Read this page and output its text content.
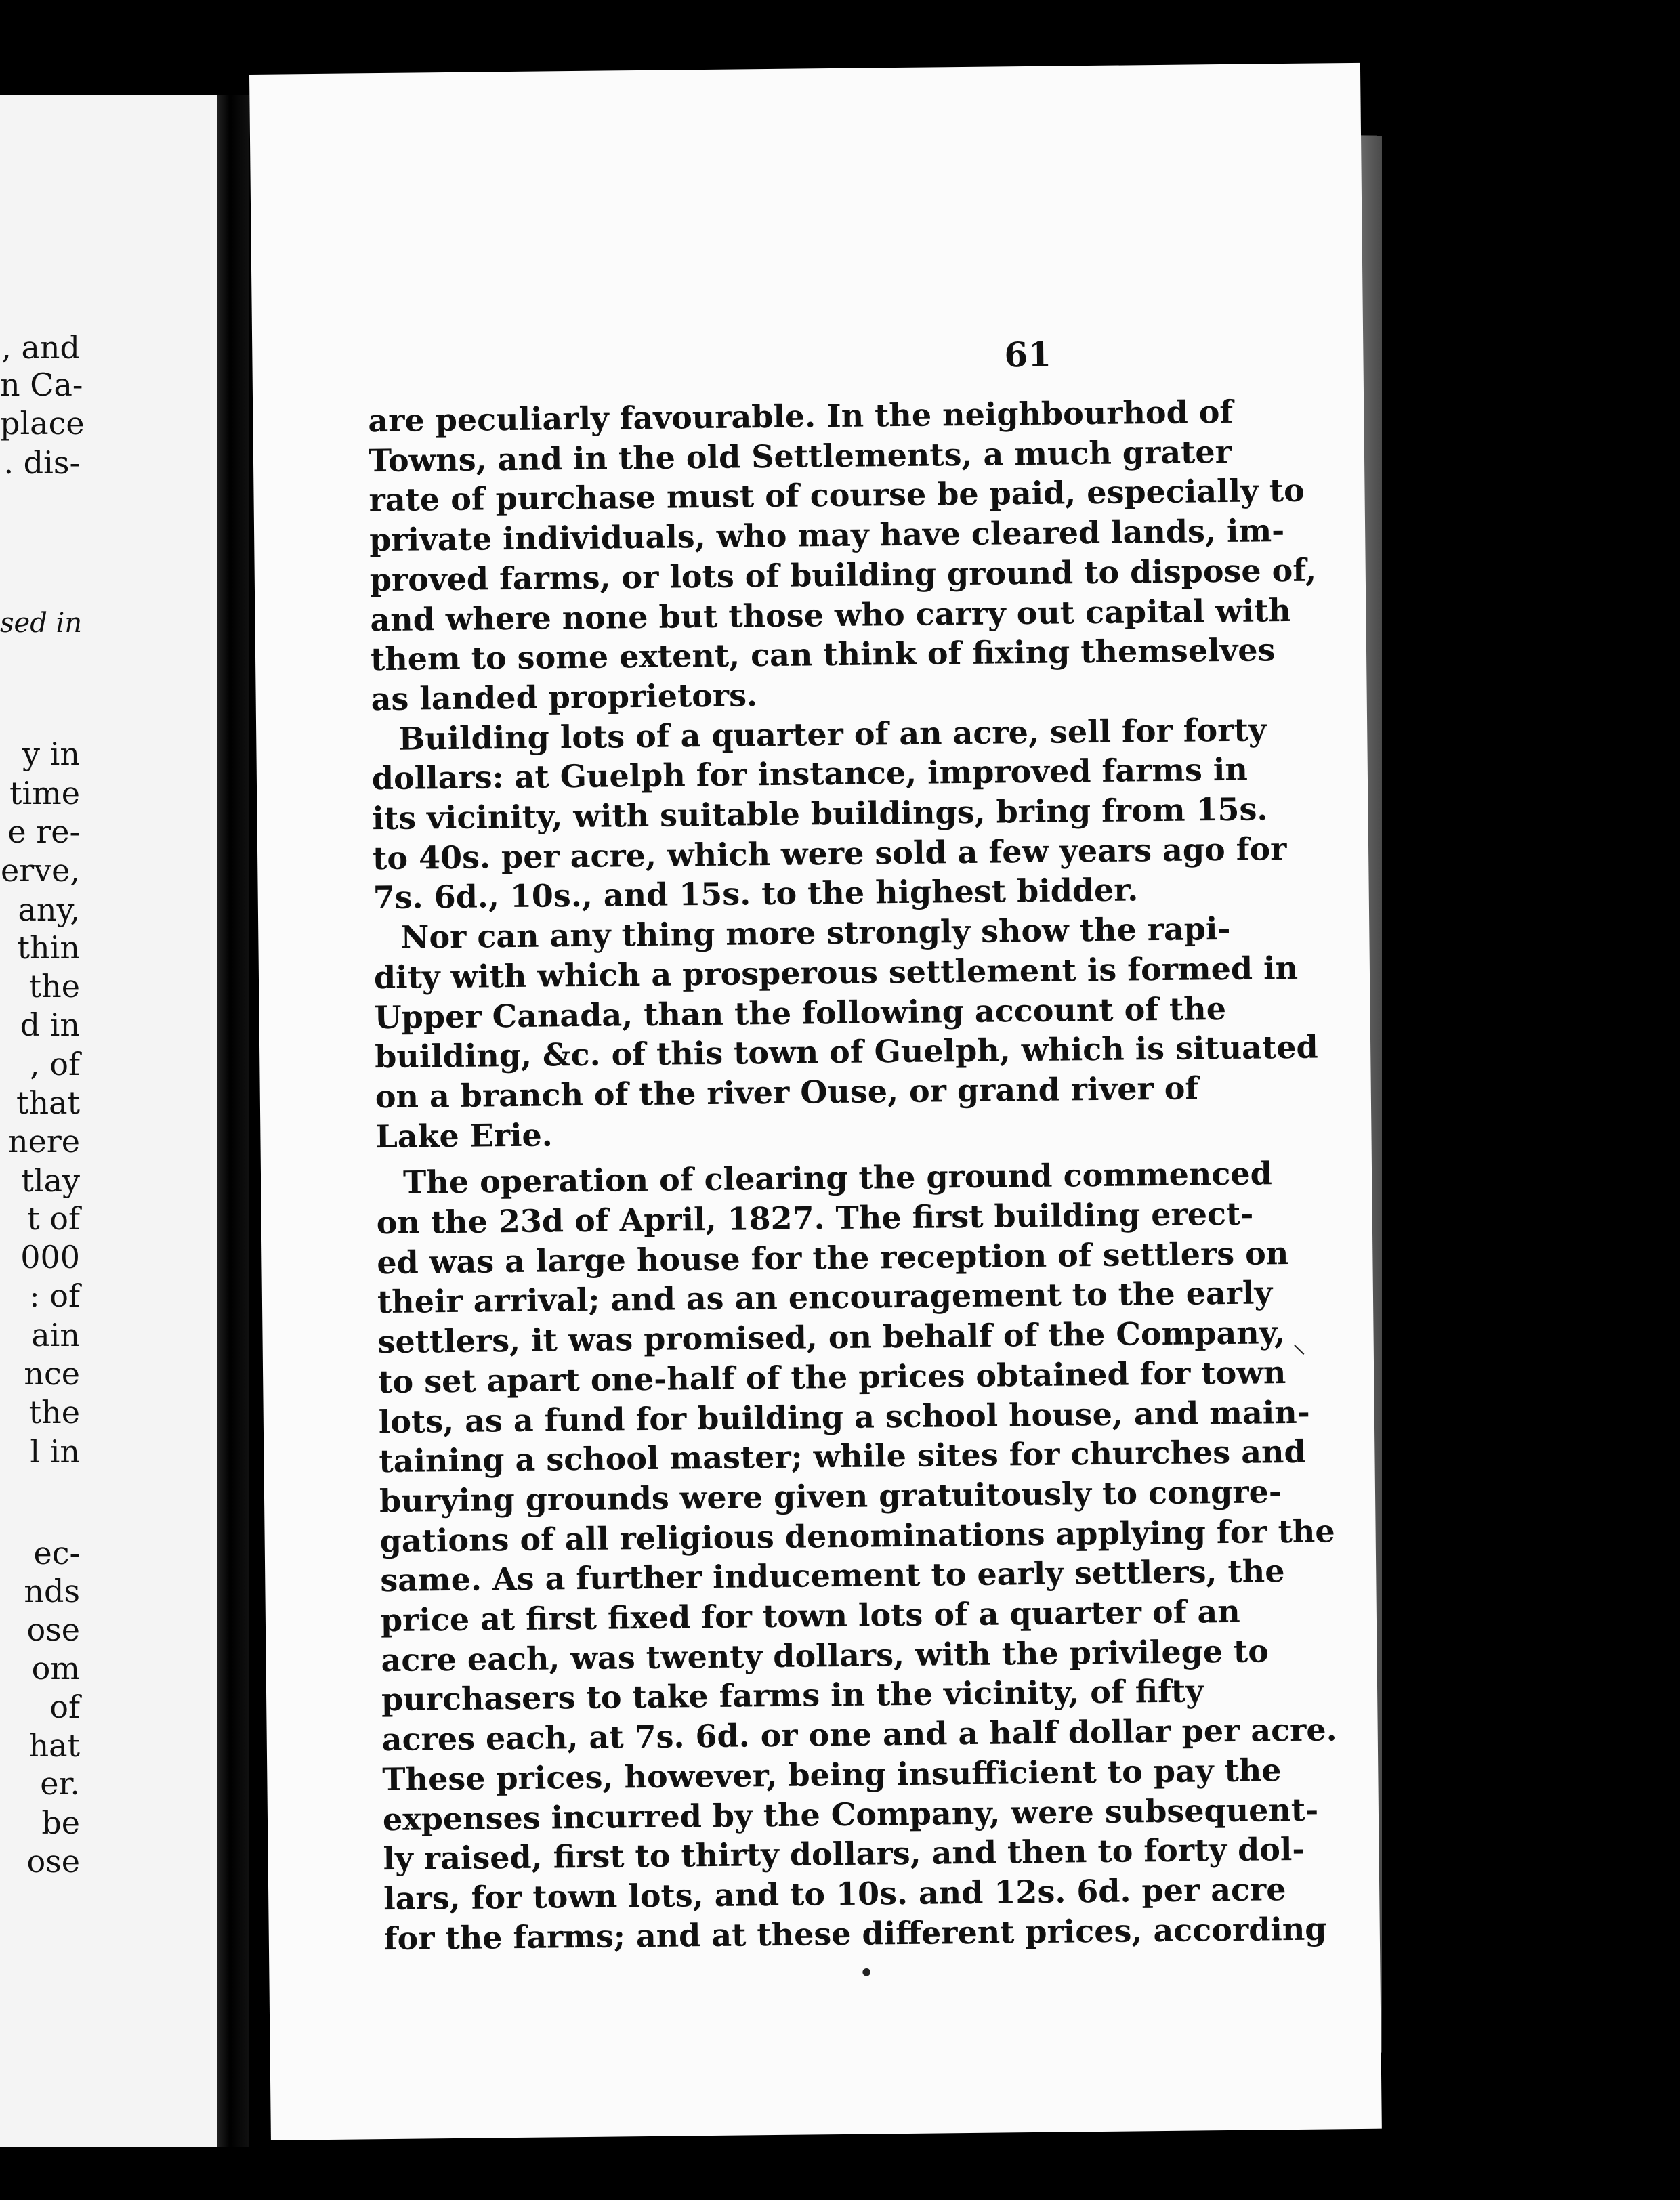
, and
n Ca-
place
. dis-
sed in
y in
time
e re-
erve,
any,
thin
the
d in
, of
that
nere
tlay
t of
000
: of
ain
nce
the
l in
ec-
nds
ose
om
of
hat
er.
be
ose
61
are peculiarly favourable. In the neighbourhod of
Towns, and in the old Settlements, a much grater
rate of purchase must of course be paid, especially to
private individuals, who may have cleared lands, im-
proved farms, or lots of building ground to dispose of,
and where none but those who carry out capital with
them to some extent, can think of fixing themselves
as landed proprietors.
Building lots of a quarter of an acre, sell for forty
dollars: at Guelph for instance, improved farms in
its vicinity, with suitable buildings, bring from 15s.
to 40s. per acre, which were sold a few years ago for
7s. 6d., 10s., and 15s. to the highest bidder.
Nor can any thing more strongly show the rapi-
dity with which a prosperous settlement is formed in
Upper Canada, than the following account of the
building, &c. of this town of Guelph, which is situated
on a branch of the river Ouse, or grand river of
Lake Erie.
The operation of clearing the ground commenced
on the 23d of April, 1827. The first building erect-
ed was a large house for the reception of settlers on
their arrival; and as an encouragement to the early
settlers, it was promised, on behalf of the Company,
to set apart one-half of the prices obtained for town
lots, as a fund for building a school house, and main-
taining a school master; while sites for churches and
burying grounds were given gratuitously to congre-
gations of all religious denominations applying for the
same. As a further inducement to early settlers, the
price at first fixed for town lots of a quarter of an
acre each, was twenty dollars, with the privilege to
purchasers to take farms in the vicinity, of fifty
acres each, at 7s. 6d. or one and a half dollar per acre.
These prices, however, being insufficient to pay the
expenses incurred by the Company, were subsequent-
ly raised, first to thirty dollars, and then to forty dol-
lars, for town lots, and to 10s. and 12s. 6d. per acre
for the farms; and at these different prices, according
•
⸜
